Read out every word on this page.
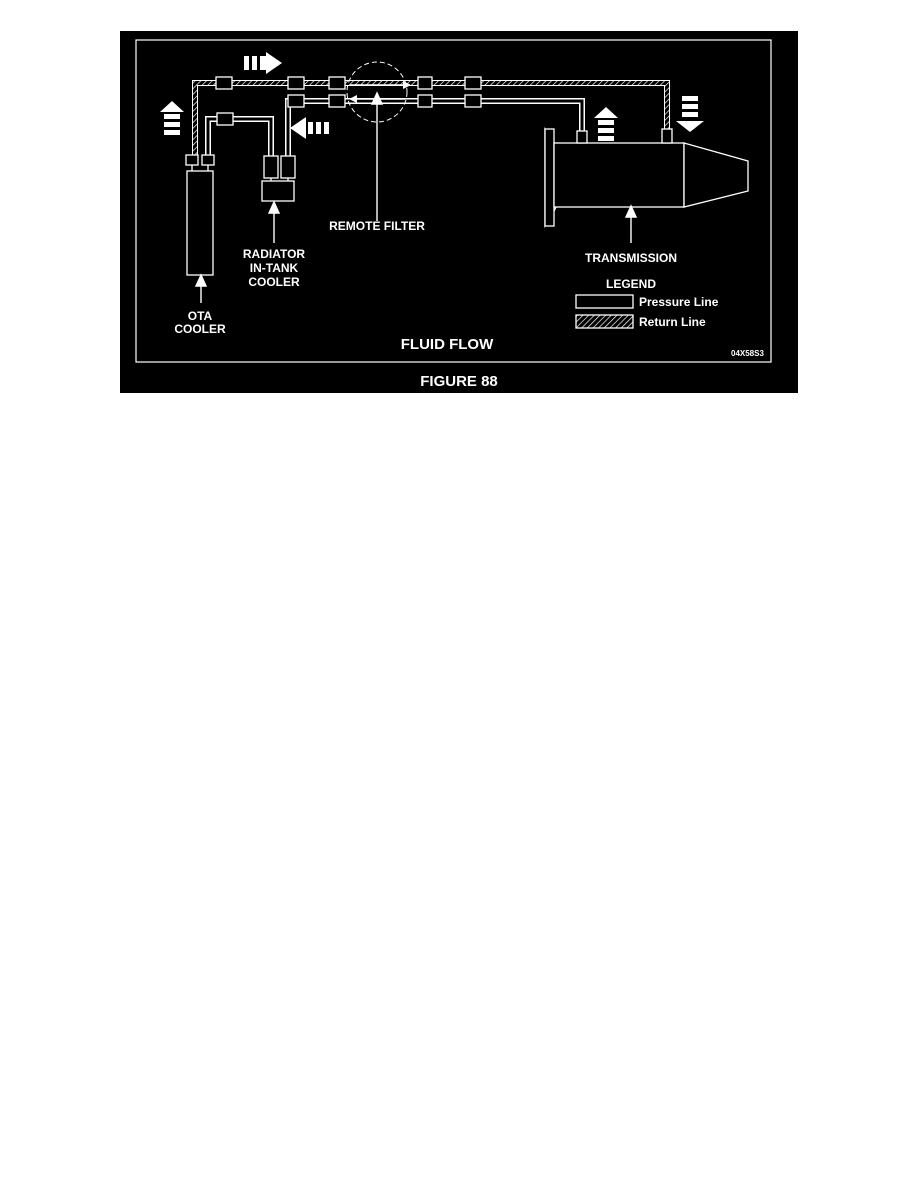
REMOTE FILTER
RADIATOR
IN-TANK
COOLER
OTA
COOLER
TRANSMISSION
LEGEND
Pressure Line
Return Line
FLUID FLOW
04X58S3
FIGURE 88
